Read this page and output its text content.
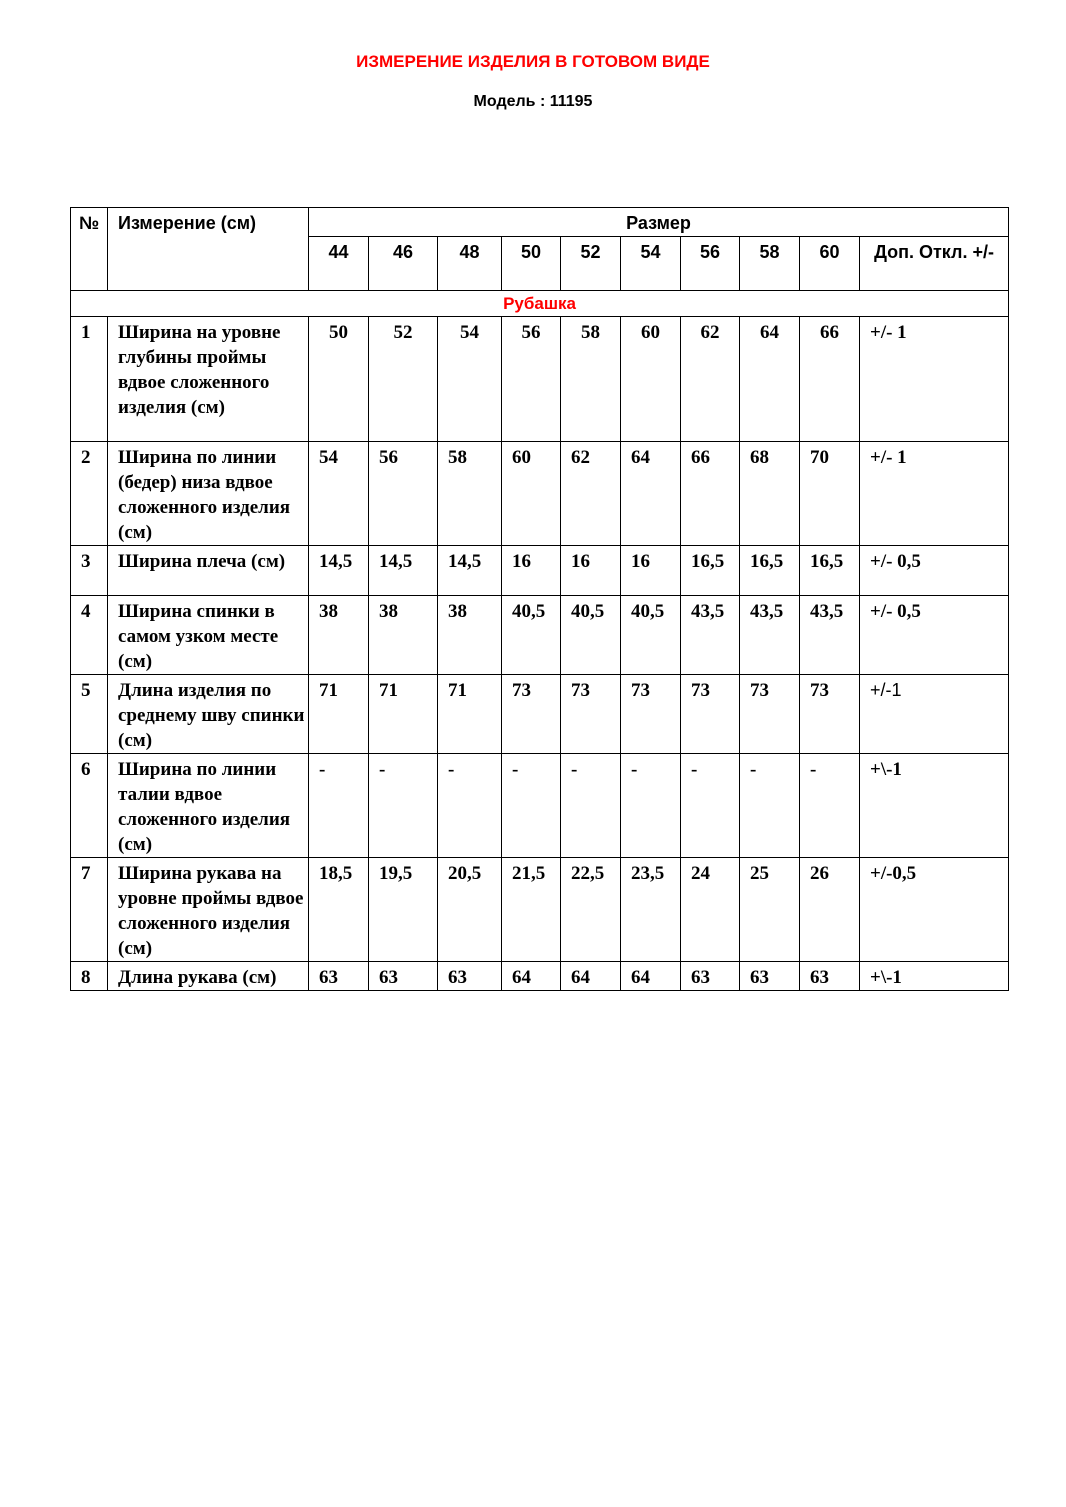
ИЗМЕРЕНИЕ ИЗДЕЛИЯ В ГОТОВОМ ВИДЕ
Модель : 11195
№	Измерение (см)	Размер									
		44	46	48	50	52	54	56	58	60	Доп. Откл. +/-
Рубашка											
1	Ширина на уровне глубины проймы вдвое сложенного изделия (см)	50	52	54	56	58	60	62	64	66	+/- 1
2	Ширина по линии (бедер) низа вдвое сложенного изделия (см)	54	56	58	60	62	64	66	68	70	+/- 1
3	Ширина плеча (см)	14,5	14,5	14,5	16	16	16	16,5	16,5	16,5	+/- 0,5
4	Ширина спинки в самом узком месте (см)	38	38	38	40,5	40,5	40,5	43,5	43,5	43,5	+/- 0,5
5	Длина изделия по среднему шву спинки (см)	71	71	71	73	73	73	73	73	73	+/-1
6	Ширина по линии талии вдвое сложенного изделия (см)	-	-	-	-	-	-	-	-	-	+\-1
7	Ширина рукава на уровне проймы вдвое сложенного изделия (см)	18,5	19,5	20,5	21,5	22,5	23,5	24	25	26	+/-0,5
8	Длина рукава (см)	63	63	63	64	64	64	63	63	63	+\-1
